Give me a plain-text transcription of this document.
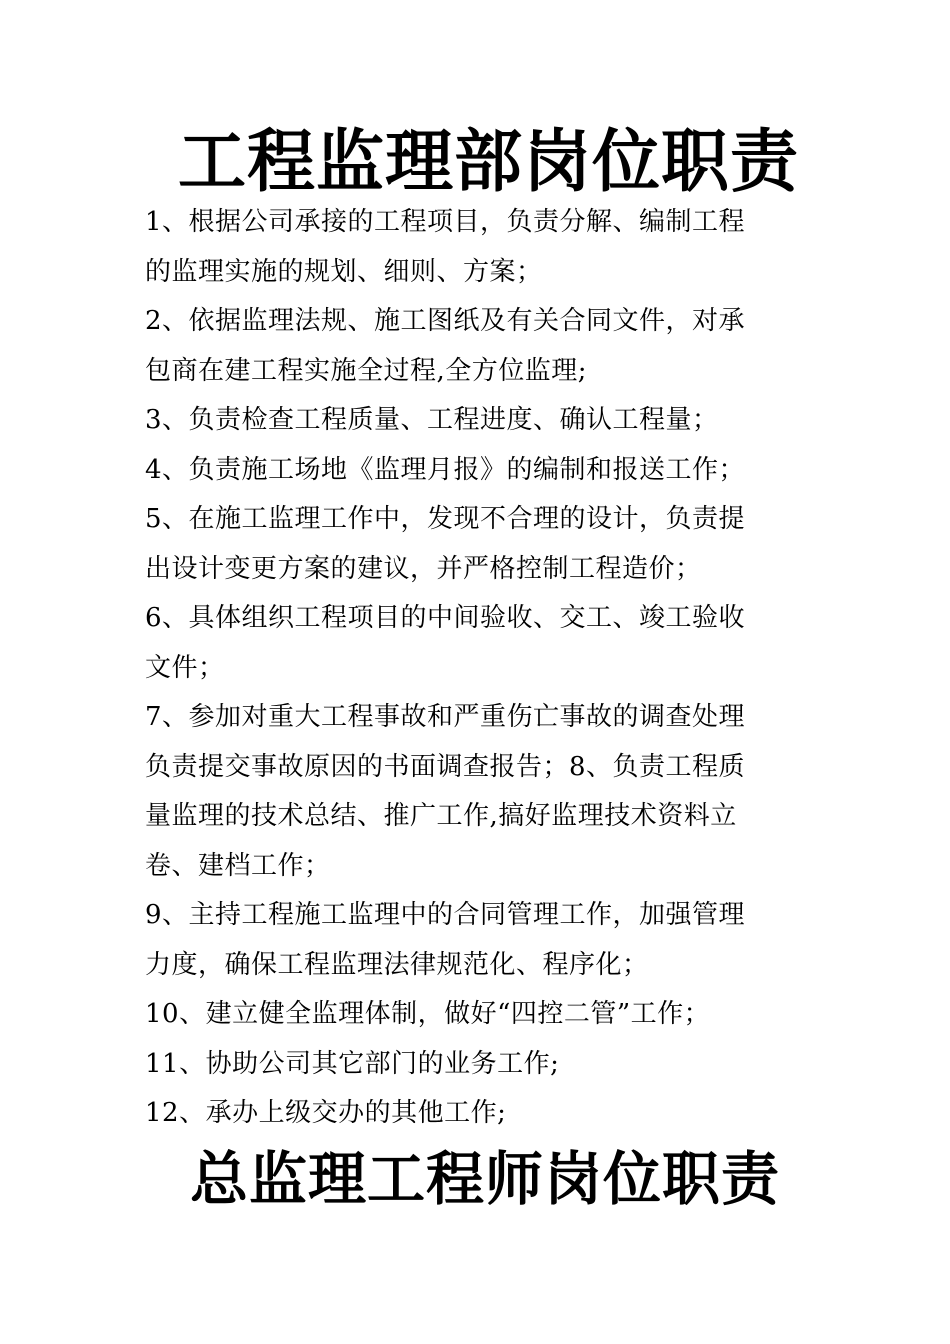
工程监理部岗位职责
1、根据公司承接的工程项目，负责分解、编制工程
的监理实施的规划、细则、方案；
2、依据监理法规、施工图纸及有关合同文件，对承
包商在建工程实施全过程,全方位监理;
3、负责检查工程质量、工程进度、确认工程量；
4、负责施工场地《监理月报》的编制和报送工作；
5、在施工监理工作中，发现不合理的设计，负责提
出设计变更方案的建议，并严格控制工程造价；
6、具体组织工程项目的中间验收、交工、竣工验收
文件；
7、参加对重大工程事故和严重伤亡事故的调查处理
负责提交事故原因的书面调查报告；8、负责工程质
量监理的技术总结、推广工作,搞好监理技术资料立
卷、建档工作；
9、主持工程施工监理中的合同管理工作，加强管理
力度，确保工程监理法律规范化、程序化；
10、建立健全监理体制，做好“四控二管”工作；
11、协助公司其它部门的业务工作;
12、承办上级交办的其他工作;
总监理工程师岗位职责
